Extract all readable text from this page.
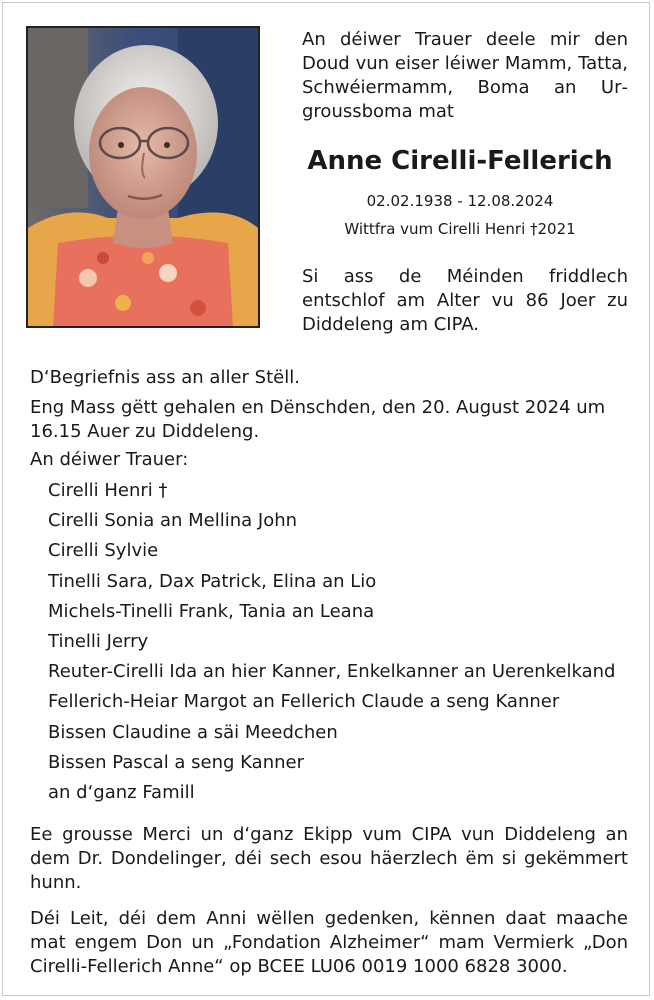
An déiwer Trauer deele mir den Doud vun eiser léiwer Mamm, Tatta, Schwéiermamm, Boma an Urgroussboma mat

Anne Cirelli-Fellerich

02.02.1938 - 12.08.2024

Wittfra vum Cirelli Henri †2021

Si ass de Méinden friddlech entschlof am Alter vu 86 Joer zu Diddeleng am CIPA.

D‘Begriefnis ass an aller Stëll.

Eng Mass gëtt gehalen en Dënschden, den 20. August 2024 um 16.15 Auer zu Diddeleng.

An déiwer Trauer:

Cirelli Henri †
Cirelli Sonia an Mellina John
Cirelli Sylvie
Tinelli Sara, Dax Patrick, Elina an Lio
Michels-Tinelli Frank, Tania an Leana
Tinelli Jerry
Reuter-Cirelli Ida an hier Kanner, Enkelkanner an Uerenkelkand
Fellerich-Heiar Margot an Fellerich Claude a seng Kanner
Bissen Claudine a säi Meedchen
Bissen Pascal a seng Kanner
an d‘ganz Famill

Ee grousse Merci un d‘ganz Ekipp vum CIPA vun Diddeleng an dem Dr. Dondelinger, déi sech esou häerzlech ëm si gekëmmert hunn.

Déi Leit, déi dem Anni wëllen gedenken, kënnen daat maache mat engem Don un „Fondation Alzheimer“ mam Vermierk „Don Cirelli-Fellerich Anne“ op BCEE LU06 0019 1000 6828 3000.
